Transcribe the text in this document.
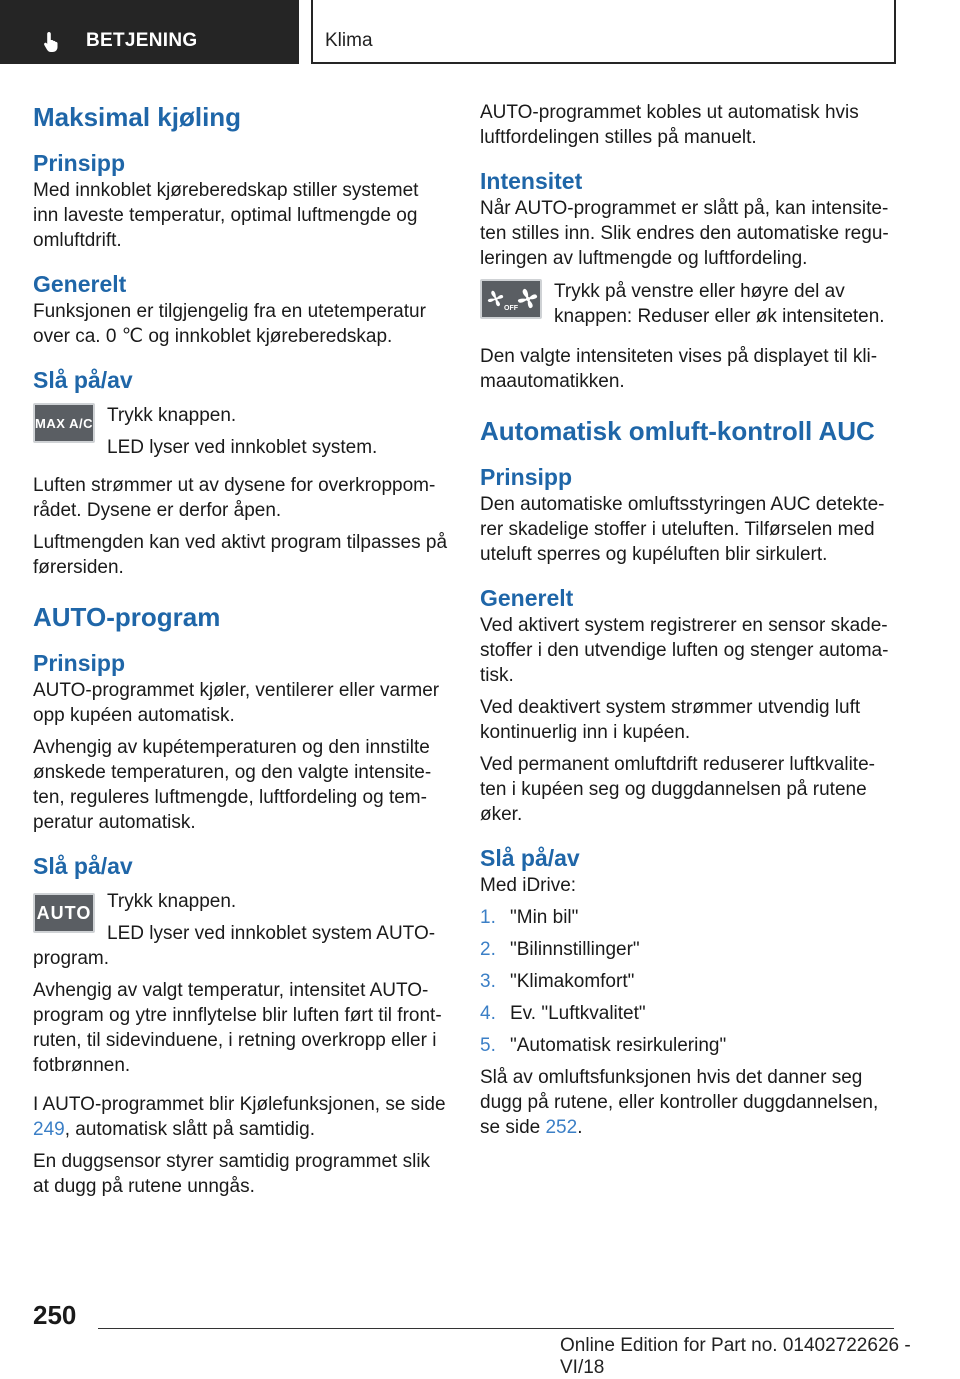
BETJENING	Klima
Maksimal kjøling
Prinsipp

Med innkoblet kjøreberedskap stiller systemet inn laveste temperatur, optimal luftmengde og omluftdrift.

Generelt

Funksjonen er tilgjengelig fra en utetemperatur over ca. 0 ℃ og innkoblet kjøreberedskap.

Slå på/av
MAX A/C Trykk knappen.

LED lyser ved innkoblet system.

Luften strømmer ut av dysene for overkroppom- rådet. Dysene er derfor åpen.

Luftmengden kan ved aktivt program tilpasses på førersiden.

AUTO-program
Prinsipp

AUTO-programmet kjøler, ventilerer eller varmer opp kupéen automatisk.

Avhengig av kupétemperaturen og den innstilte ønskede temperaturen, og den valgte intensite- ten, reguleres luftmengde, luftfordeling og tem- peratur automatisk.

Slå på/av
AUTO

Trykk knappen.

LED lyser ved innkoblet system AUTO- program.

Avhengig av valgt temperatur, intensitet AUTO- program og ytre innflytelse blir luften ført til front- ruten, til sidevinduene, i retning overkropp eller i fotbrønnen.

I AUTO-programmet blir Kjølefunksjonen, se side 249, automatisk slått på samtidig.

En duggsensor styrer samtidig programmet slik at dugg på rutene unngås.

AUTO-programmet kobles ut automatisk hvis luftfordelingen stilles på manuelt.

Intensitet

Når AUTO-programmet er slått på, kan intensite- ten stilles inn. Slik endres den automatiske regu- leringen av luftmengde og luftfordeling.

OFF

Trykk på venstre eller høyre del av knappen: Reduser eller øk intensiteten.

Den valgte intensiteten vises på displayet til kli- maautomatikken.

Automatisk omluft-kontroll AUC
Prinsipp

Den automatiske omluftsstyringen AUC detekte- rer skadelige stoffer i uteluften. Tilførselen med uteluft sperres og kupéluften blir sirkulert.

Generelt

Ved aktivert system registrerer en sensor skade- stoffer i den utvendige luften og stenger automa- tisk.

Ved deaktivert system strømmer utvendig luft kontinuerlig inn i kupéen.

Ved permanent omluftdrift reduserer luftkvalite- ten i kupéen seg og duggdannelsen på rutene øker.

Slå på/av

Med iDrive:

1. "Min bil"
2. "Bilinnstillinger"
3. "Klimakomfort"
4. Ev. "Luftkvalitet"
5. "Automatisk resirkulering"

Slå av omluftsfunksjonen hvis det danner seg dugg på rutene, eller kontroller duggdannelsen, se side 252.

250
Online Edition for Part no. 01402722626 - VI/18
